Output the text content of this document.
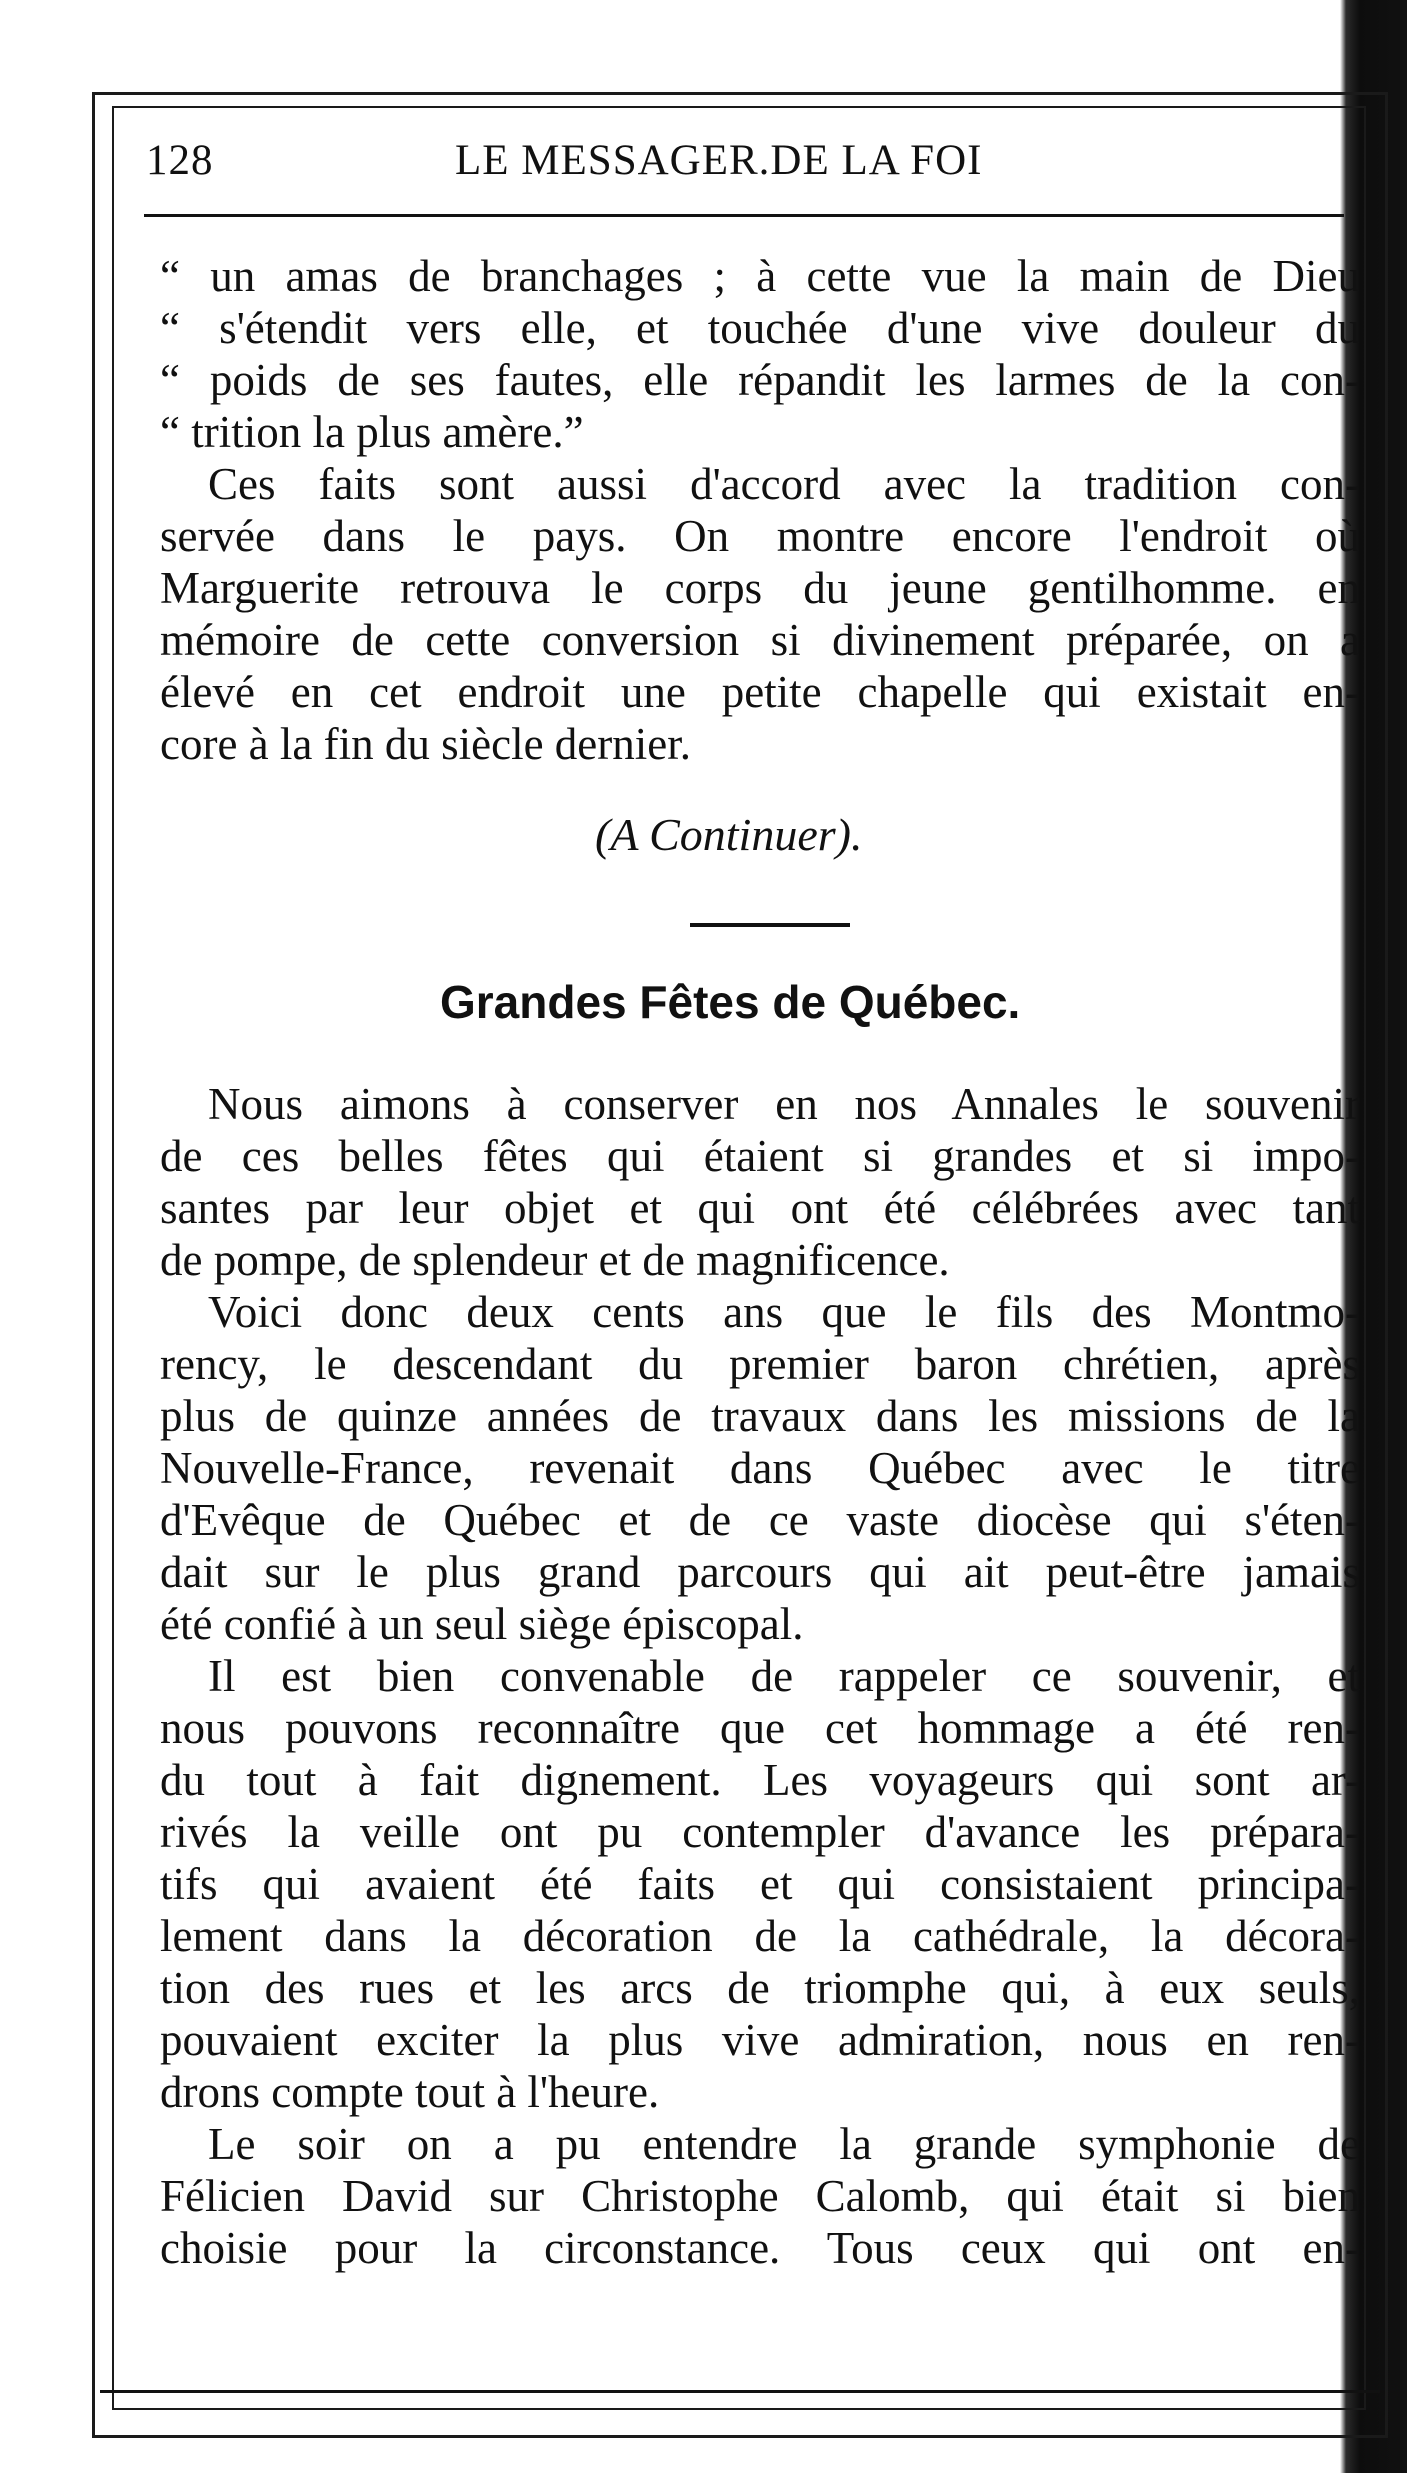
128	LE MESSAGER.DE LA FOI
“ un amas de branchages ; à cette vue la main de Dieu
“ s'étendit vers elle, et touchée d'une vive douleur du
“ poids de ses fautes, elle répandit les larmes de la con-
“ trition la plus amère.”
Ces faits sont aussi d'accord avec la tradition con-
servée dans le pays. On montre encore l'endroit où
Marguerite retrouva le corps du jeune gentilhomme. en
mémoire de cette conversion si divinement préparée, on a
élevé en cet endroit une petite chapelle qui existait en-
core à la fin du siècle dernier.
(A Continuer).
Grandes Fêtes de Québec.
Nous aimons à conserver en nos Annales le souvenir
de ces belles fêtes qui étaient si grandes et si impo-
santes par leur objet et qui ont été célébrées avec tant
de pompe, de splendeur et de magnificence.
Voici donc deux cents ans que le fils des Montmo-
rency, le descendant du premier baron chrétien, après
plus de quinze années de travaux dans les missions de la
Nouvelle-France, revenait dans Québec avec le titre
d'Evêque de Québec et de ce vaste diocèse qui s'éten-
dait sur le plus grand parcours qui ait peut-être jamais
été confié à un seul siège épiscopal.
Il est bien convenable de rappeler ce souvenir, et
nous pouvons reconnaître que cet hommage a été ren-
du tout à fait dignement. Les voyageurs qui sont ar-
rivés la veille ont pu contempler d'avance les prépara-
tifs qui avaient été faits et qui consistaient principa-
lement dans la décoration de la cathédrale, la décora-
tion des rues et les arcs de triomphe qui, à eux seuls,
pouvaient exciter la plus vive admiration, nous en ren-
drons compte tout à l'heure.
Le soir on a pu entendre la grande symphonie de
Félicien David sur Christophe Calomb, qui était si bien
choisie pour la circonstance. Tous ceux qui ont en-
